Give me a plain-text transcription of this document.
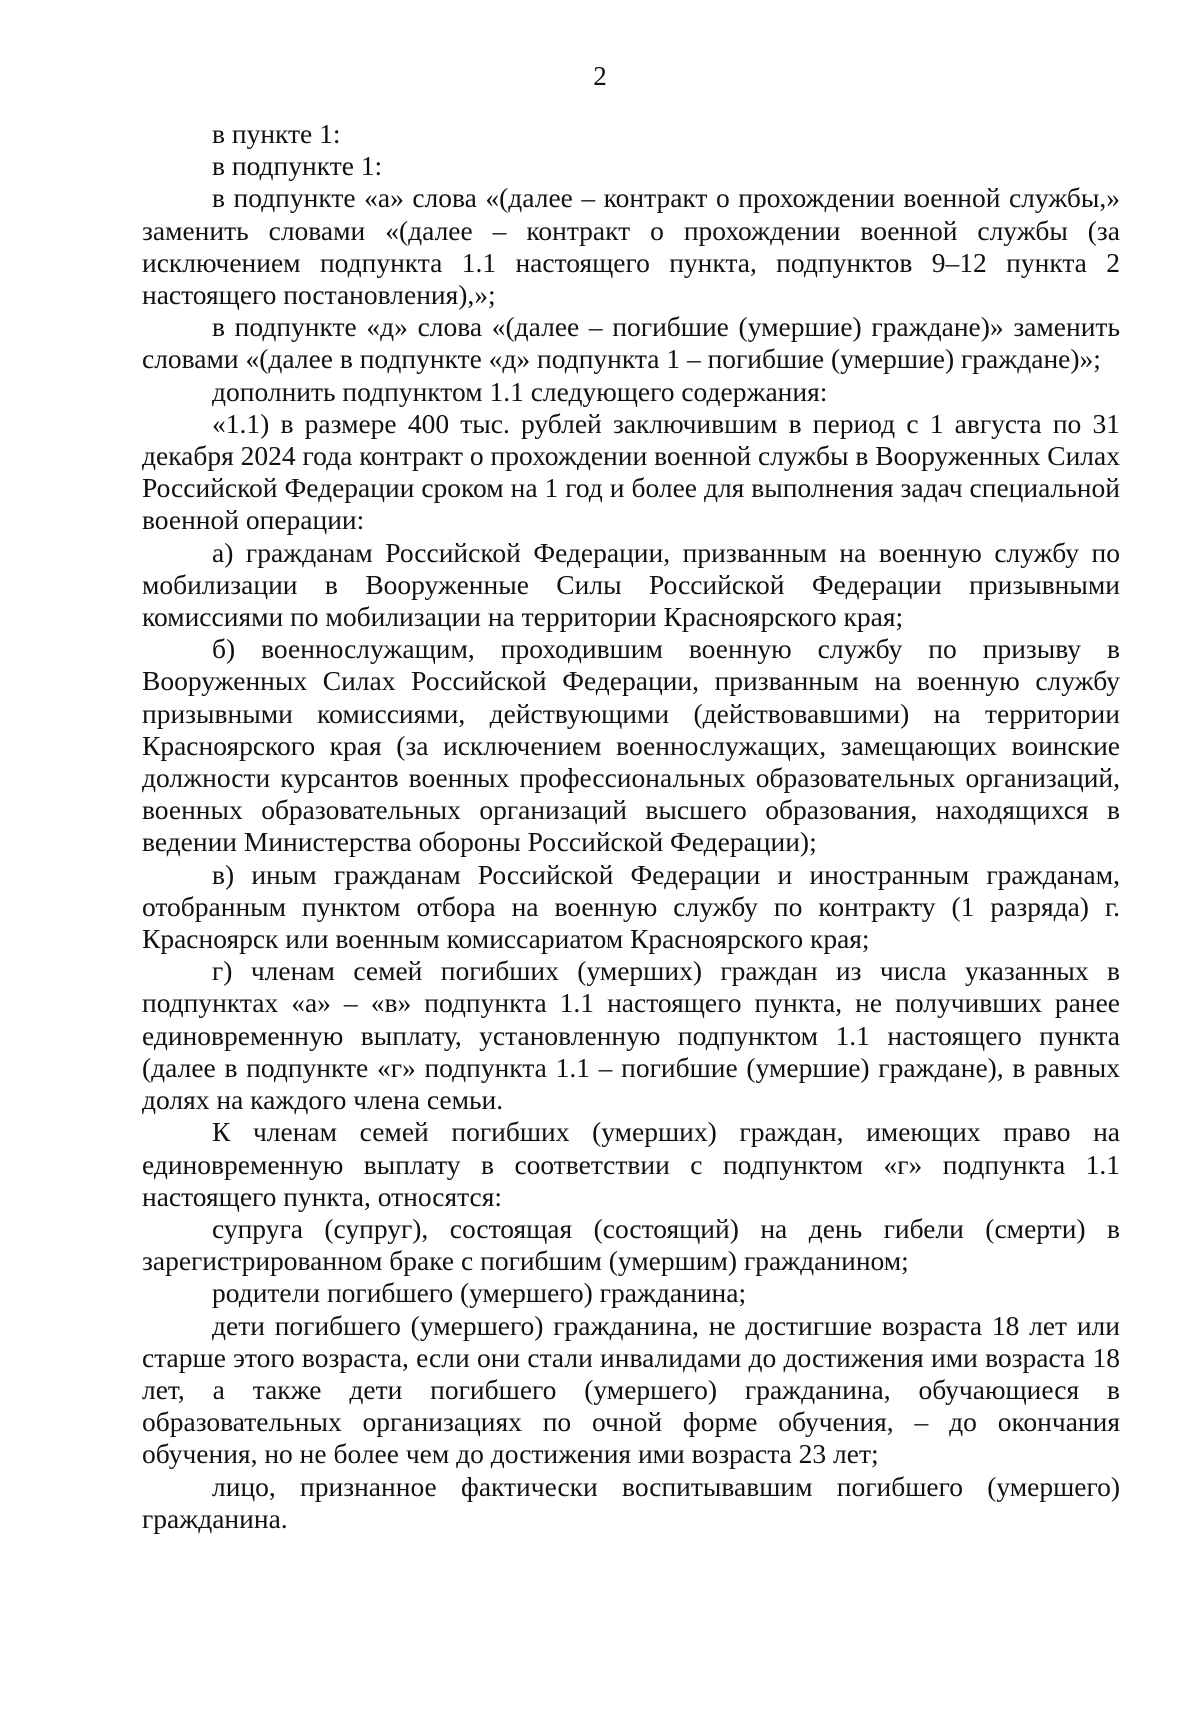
2

в пункте 1:

в подпункте 1:

в подпункте «а» слова «(далее – контракт о прохождении военной службы,» заменить словами «(далее – контракт о прохождении военной службы (за исключением подпункта 1.1 настоящего пункта, подпунктов 9–12 пункта 2 настоящего постановления),»;

в подпункте «д» слова «(далее – погибшие (умершие) граждане)» заменить словами «(далее в подпункте «д» подпункта 1 – погибшие (умершие) граждане)»;

дополнить подпунктом 1.1 следующего содержания:

«1.1) в размере 400 тыс. рублей заключившим в период с 1 августа по 31 декабря 2024 года контракт о прохождении военной службы в Вооруженных Силах Российской Федерации сроком на 1 год и более для выполнения задач специальной военной операции:

а) гражданам Российской Федерации, призванным на военную службу по мобилизации в Вооруженные Силы Российской Федерации призывными комиссиями по мобилизации на территории Красноярского края;

б) военнослужащим, проходившим военную службу по призыву в Вооруженных Силах Российской Федерации, призванным на военную службу призывными комиссиями, действующими (действовавшими) на территории Красноярского края (за исключением военнослужащих, замещающих воинские должности курсантов военных профессиональных образовательных организаций, военных образовательных организаций высшего образования, находящихся в ведении Министерства обороны Российской Федерации);

в) иным гражданам Российской Федерации и иностранным гражданам, отобранным пунктом отбора на военную службу по контракту (1 разряда) г. Красноярск или военным комиссариатом Красноярского края;

г) членам семей погибших (умерших) граждан из числа указанных в подпунктах «а» – «в» подпункта 1.1 настоящего пункта, не получивших ранее единовременную выплату, установленную подпунктом 1.1 настоящего пункта (далее в подпункте «г» подпункта 1.1 – погибшие (умершие) граждане), в равных долях на каждого члена семьи.

К членам семей погибших (умерших) граждан, имеющих право на единовременную выплату в соответствии с подпунктом «г» подпункта 1.1 настоящего пункта, относятся:

супруга (супруг), состоящая (состоящий) на день гибели (смерти) в зарегистрированном браке с погибшим (умершим) гражданином;

родители погибшего (умершего) гражданина;

дети погибшего (умершего) гражданина, не достигшие возраста 18 лет или старше этого возраста, если они стали инвалидами до достижения ими возраста 18 лет, а также дети погибшего (умершего) гражданина, обучающиеся в образовательных организациях по очной форме обучения, – до окончания обучения, но не более чем до достижения ими возраста 23 лет;

лицо, признанное фактически воспитывавшим погибшего (умершего) гражданина.
